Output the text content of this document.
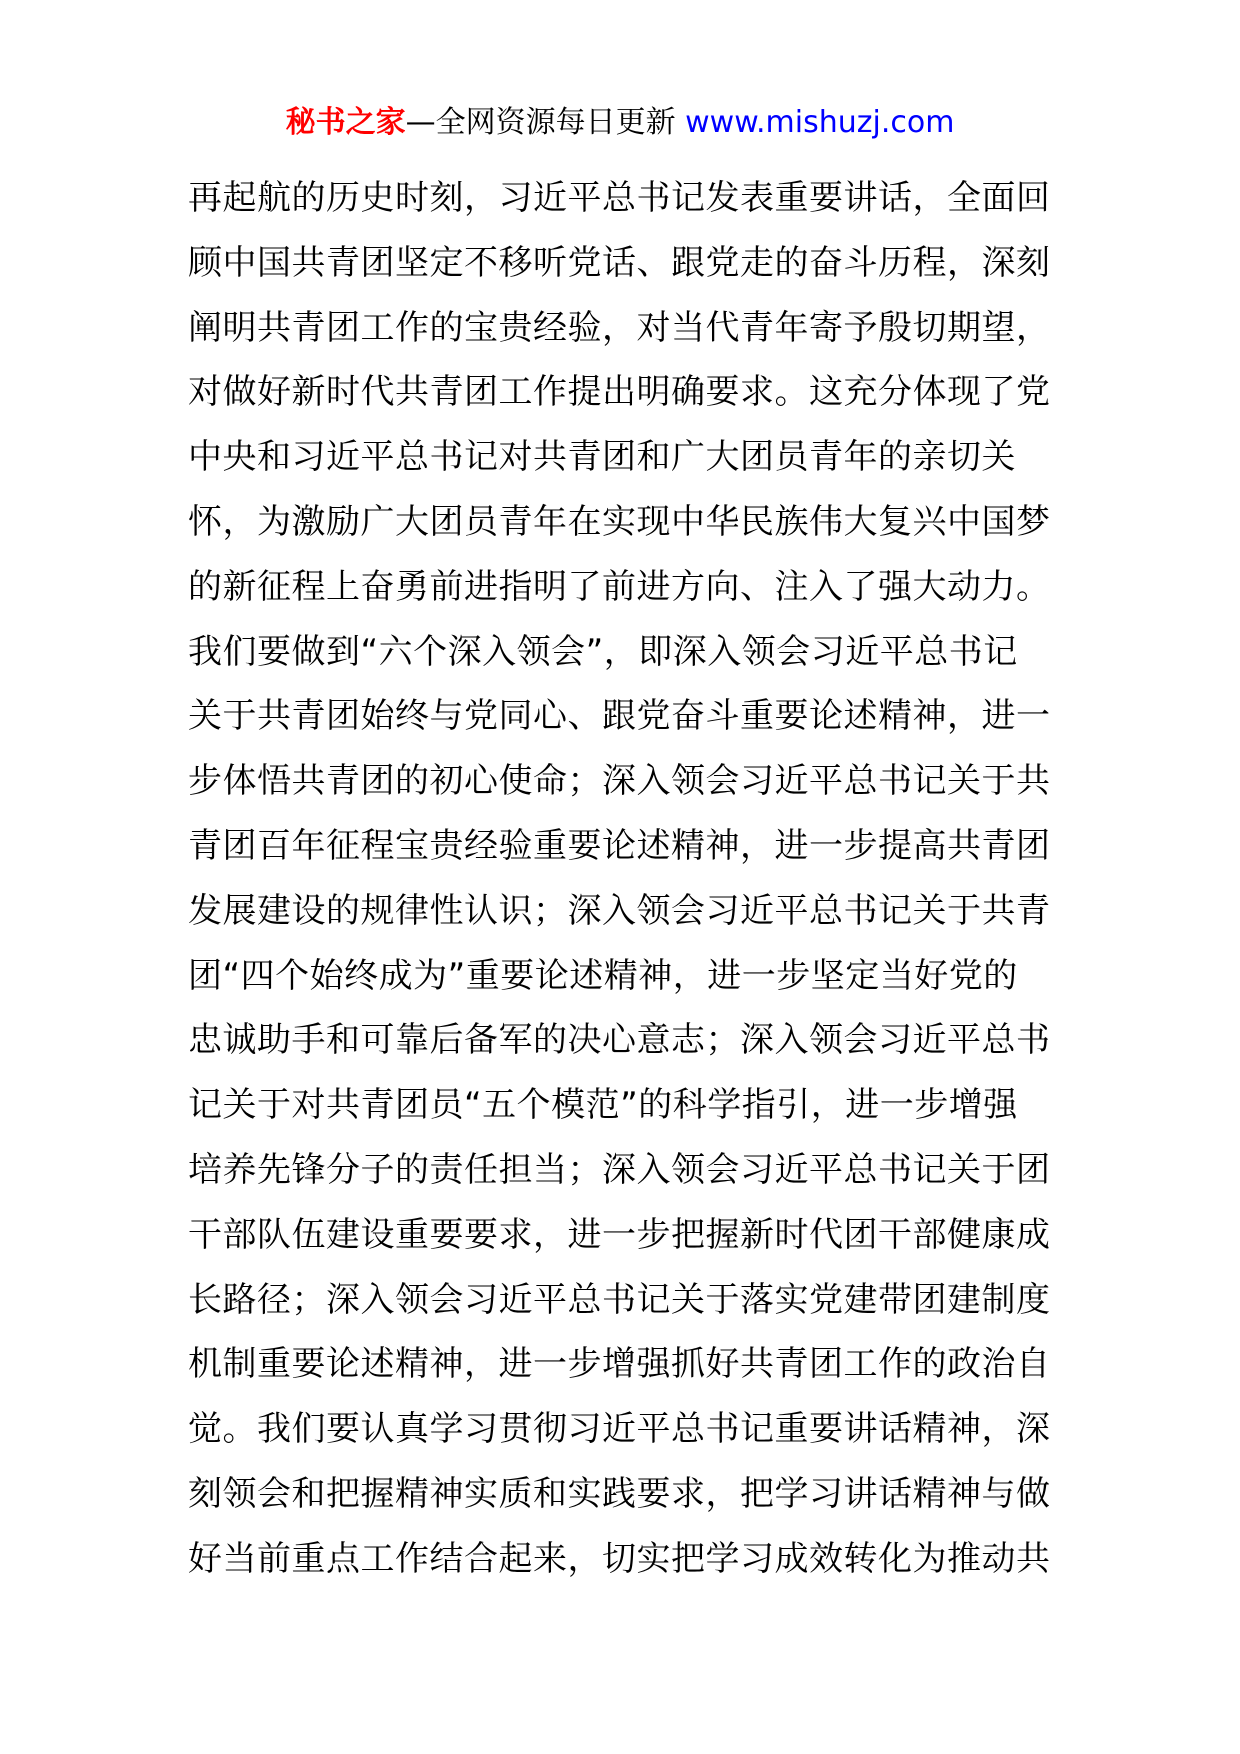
秘书之家—全网资源每日更新 www.mishuzj.com
再起航的历史时刻，习近平总书记发表重要讲话，全面回
顾中国共青团坚定不移听党话、跟党走的奋斗历程，深刻
阐明共青团工作的宝贵经验，对当代青年寄予殷切期望，
对做好新时代共青团工作提出明确要求。这充分体现了党
中央和习近平总书记对共青团和广大团员青年的亲切关
怀，为激励广大团员青年在实现中华民族伟大复兴中国梦
的新征程上奋勇前进指明了前进方向、注入了强大动力。
我们要做到“六个深入领会”，即深入领会习近平总书记
关于共青团始终与党同心、跟党奋斗重要论述精神，进一
步体悟共青团的初心使命；深入领会习近平总书记关于共
青团百年征程宝贵经验重要论述精神，进一步提高共青团
发展建设的规律性认识；深入领会习近平总书记关于共青
团“四个始终成为”重要论述精神，进一步坚定当好党的
忠诚助手和可靠后备军的决心意志；深入领会习近平总书
记关于对共青团员“五个模范”的科学指引，进一步增强
培养先锋分子的责任担当；深入领会习近平总书记关于团
干部队伍建设重要要求，进一步把握新时代团干部健康成
长路径；深入领会习近平总书记关于落实党建带团建制度
机制重要论述精神，进一步增强抓好共青团工作的政治自
觉。我们要认真学习贯彻习近平总书记重要讲话精神，深
刻领会和把握精神实质和实践要求，把学习讲话精神与做
好当前重点工作结合起来，切实把学习成效转化为推动共
